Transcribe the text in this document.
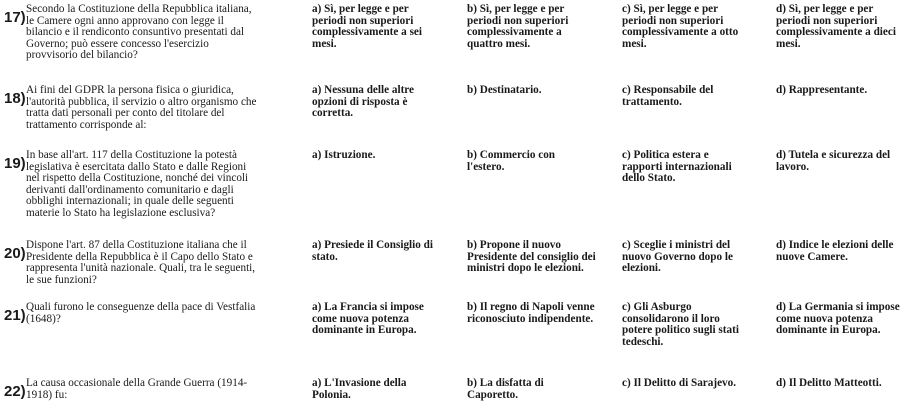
17) Secondo la Costituzione della Repubblica italiana,
le Camere ogni anno approvano con legge il
bilancio e il rendiconto consuntivo presentati dal
Governo; può essere concesso l'esercizio
provvisorio del bilancio?
a) Sì, per legge e per
periodi non superiori
complessivamente a sei
mesi.
b) Sì, per legge e per
periodi non superiori
complessivamente a
quattro mesi.
c) Sì, per legge e per
periodi non superiori
complessivamente a otto
mesi.
d) Sì, per legge e per
periodi non superiori
complessivamente a dieci
mesi.
18) Ai fini del GDPR la persona fisica o giuridica,
l'autorità pubblica, il servizio o altro organismo che
tratta dati personali per conto del titolare del
trattamento corrisponde al:
a) Nessuna delle altre
opzioni di risposta è
corretta.
b) Destinatario.	c) Responsabile del
trattamento.
d) Rappresentante.
19) In base all'art. 117 della Costituzione la potestà
legislativa è esercitata dallo Stato e dalle Regioni
nel rispetto della Costituzione, nonché dei vincoli
derivanti dall'ordinamento comunitario e dagli
obblighi internazionali; in quale delle seguenti
materie lo Stato ha legislazione esclusiva?
a) Istruzione.	b) Commercio con
l'estero.
c) Politica estera e
rapporti internazionali
dello Stato.
d) Tutela e sicurezza del
lavoro.
20) Dispone l'art. 87 della Costituzione italiana che il
Presidente della Repubblica è il Capo dello Stato e
rappresenta l'unità nazionale. Quali, tra le seguenti,
le sue funzioni?
a) Presiede il Consiglio di
stato.
b) Propone il nuovo
Presidente del consiglio dei
ministri dopo le elezioni.
c) Sceglie i ministri del
nuovo Governo dopo le
elezioni.
d) Indice le elezioni delle
nuove Camere.
21) Quali furono le conseguenze della pace di Vestfalia
(1648)?
a) La Francia si impose
come nuova potenza
dominante in Europa.
b) Il regno di Napoli venne
riconosciuto indipendente.
c) Gli Asburgo
consolidarono il loro
potere politico sugli stati
tedeschi.
d) La Germania si impose
come nuova potenza
dominante in Europa.
22) La causa occasionale della Grande Guerra (1914-
1918) fu:
a) L'Invasione della
Polonia.
b) La disfatta di
Caporetto.
c) Il Delitto di Sarajevo.	d) Il Delitto Matteotti.
